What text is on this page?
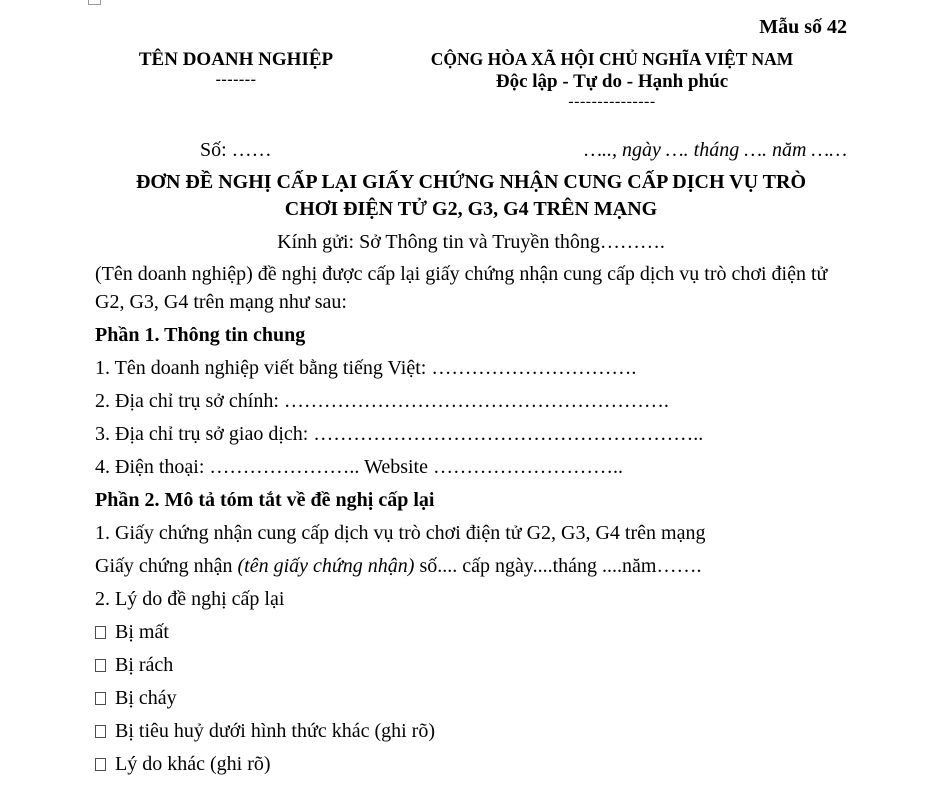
Mẫu số 42
TÊN DOANH NGHIỆP
-------
CỘNG HÒA XÃ HỘI CHỦ NGHĨA VIỆT NAM
Độc lập - Tự do - Hạnh phúc
---------------
Số: ……	….., ngày …. tháng …. năm ……
ĐƠN ĐỀ NGHỊ CẤP LẠI GIẤY CHỨNG NHẬN CUNG CẤP DỊCH VỤ TRÒ
CHƠI ĐIỆN TỬ G2, G3, G4 TRÊN MẠNG
Kính gửi: Sở Thông tin và Truyền thông……….

(Tên doanh nghiệp) đề nghị được cấp lại giấy chứng nhận cung cấp dịch vụ trò chơi điện tử G2, G3, G4 trên mạng như sau:

Phần 1. Thông tin chung

1. Tên doanh nghiệp viết bằng tiếng Việt: ………………………….

2. Địa chỉ trụ sở chính: ………………………………………………….

3. Địa chỉ trụ sở giao dịch: …………………………………………………..

4. Điện thoại: ………………….. Website ………………………..

Phần 2. Mô tả tóm tắt về đề nghị cấp lại

1. Giấy chứng nhận cung cấp dịch vụ trò chơi điện tử G2, G3, G4 trên mạng

Giấy chứng nhận (tên giấy chứng nhận) số.... cấp ngày....tháng ....năm…….

2. Lý do đề nghị cấp lại

Bị mất
Bị rách
Bị cháy
Bị tiêu huỷ dưới hình thức khác (ghi rõ)
Lý do khác (ghi rõ)
